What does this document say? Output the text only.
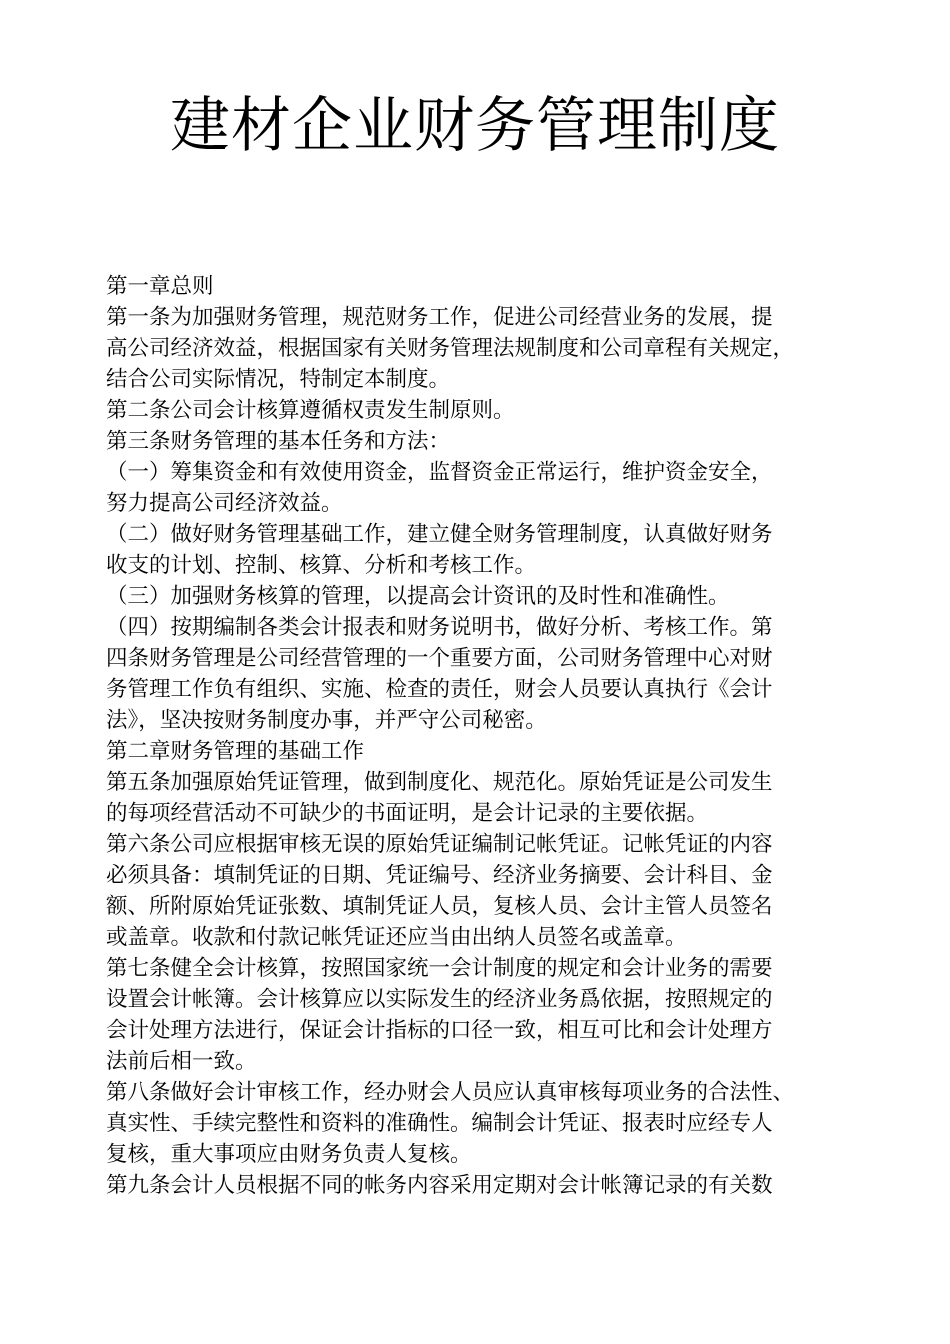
建材企业财务管理制度
第一章总则
第一条为加强财务管理，规范财务工作，促进公司经营业务的发展，提
高公司经济效益，根据国家有关财务管理法规制度和公司章程有关规定，
结合公司实际情况，特制定本制度。
第二条公司会计核算遵循权责发生制原则。
第三条财务管理的基本任务和方法：
（一）筹集资金和有效使用资金，监督资金正常运行，维护资金安全，
努力提高公司经济效益。
（二）做好财务管理基础工作，建立健全财务管理制度，认真做好财务
收支的计划、控制、核算、分析和考核工作。
（三）加强财务核算的管理，以提高会计资讯的及时性和准确性。
（四）按期编制各类会计报表和财务说明书，做好分析、考核工作。第
四条财务管理是公司经营管理的一个重要方面，公司财务管理中心对财
务管理工作负有组织、实施、检查的责任，财会人员要认真执行《会计
法》，坚决按财务制度办事，并严守公司秘密。
第二章财务管理的基础工作
第五条加强原始凭证管理，做到制度化、规范化。原始凭证是公司发生
的每项经营活动不可缺少的书面证明，是会计记录的主要依据。
第六条公司应根据审核无误的原始凭证编制记帐凭证。记帐凭证的内容
必须具备：填制凭证的日期、凭证编号、经济业务摘要、会计科目、金
额、所附原始凭证张数、填制凭证人员，复核人员、会计主管人员签名
或盖章。收款和付款记帐凭证还应当由出纳人员签名或盖章。
第七条健全会计核算，按照国家统一会计制度的规定和会计业务的需要
设置会计帐簿。会计核算应以实际发生的经济业务爲依据，按照规定的
会计处理方法进行，保证会计指标的口径一致，相互可比和会计处理方
法前后相一致。
第八条做好会计审核工作，经办财会人员应认真审核每项业务的合法性、
真实性、手续完整性和资料的准确性。编制会计凭证、报表时应经专人
复核，重大事项应由财务负责人复核。
第九条会计人员根据不同的帐务内容采用定期对会计帐簿记录的有关数
